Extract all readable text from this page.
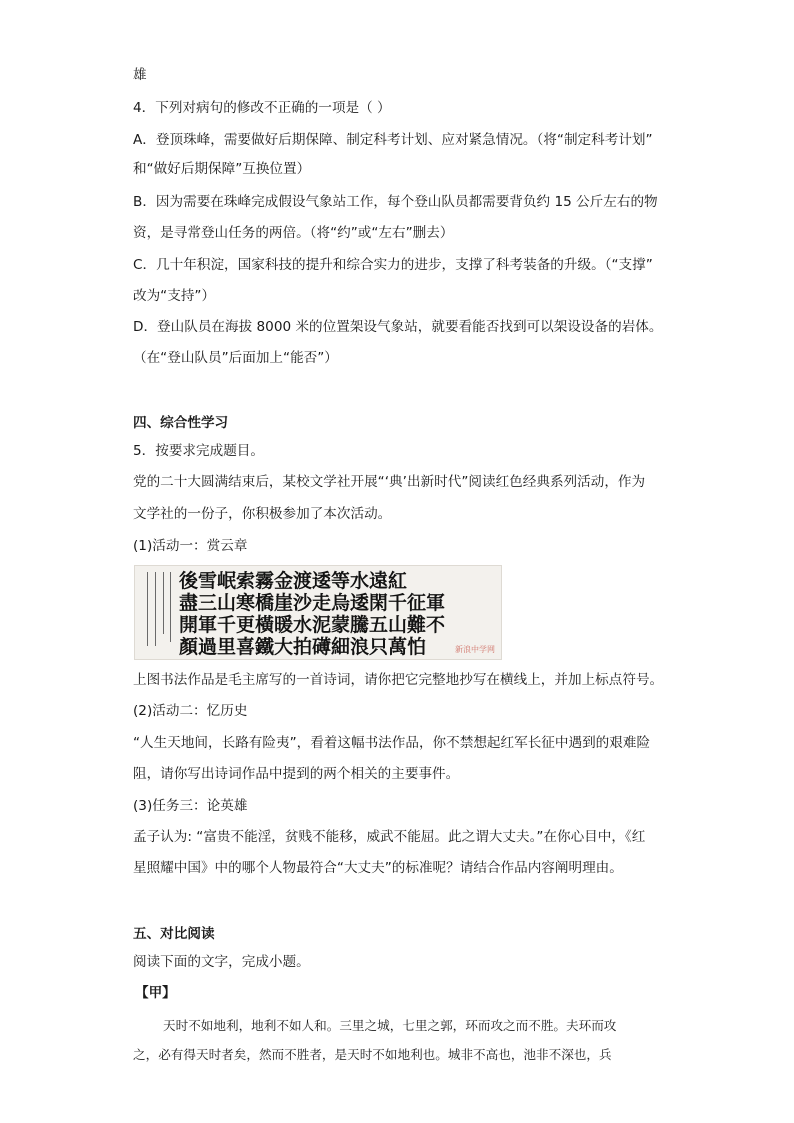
雄
4．下列对病句的修改不正确的一项是（ ）
A．登顶珠峰，需要做好后期保障、制定科考计划、应对紧急情况。（将“制定科考计划”
和“做好后期保障”互换位置）
B．因为需要在珠峰完成假设气象站工作，每个登山队员都需要背负约 15 公斤左右的物
资，是寻常登山任务的两倍。（将“约”或“左右”删去）
C．几十年积淀，国家科技的提升和综合实力的进步，支撑了科考装备的升级。（“支撑”
改为“支持”）
D．登山队员在海拔 8000 米的位置架设气象站，就要看能否找到可以架设设备的岩体。
（在“登山队员”后面加上“能否”）
四、综合性学习
5．按要求完成题目。
党的二十大圆满结束后，某校文学社开展“‘典’出新时代”阅读红色经典系列活动，作为
文学社的一份子，你积极参加了本次活动。
(1)活动一：赏云章
後雪岷索霧金渡逶等水遠紅
盡三山寒橋崖沙走烏逶閑千征軍
開軍千更橫暖水泥蒙騰五山難不
顏過里喜鐵大拍礡細浪只萬怕	新浪中学网
上图书法作品是毛主席写的一首诗词，请你把它完整地抄写在横线上，并加上标点符号。
(2)活动二：忆历史
“人生天地间，长路有险夷”，看着这幅书法作品，你不禁想起红军长征中遇到的艰难险
阻，请你写出诗词作品中提到的两个相关的主要事件。
(3)任务三：论英雄
孟子认为: “富贵不能淫，贫贱不能移，威武不能屈。此之谓大丈夫。”在你心目中，《红
星照耀中国》中的哪个人物最符合“大丈夫”的标准呢？请结合作品内容阐明理由。
五、对比阅读
阅读下面的文字，完成小题。
【甲】
天时不如地利，地利不如人和。三里之城，七里之郭，环而攻之而不胜。夫环而攻
之，必有得天时者矣，然而不胜者，是天时不如地利也。城非不高也，池非不深也，兵
